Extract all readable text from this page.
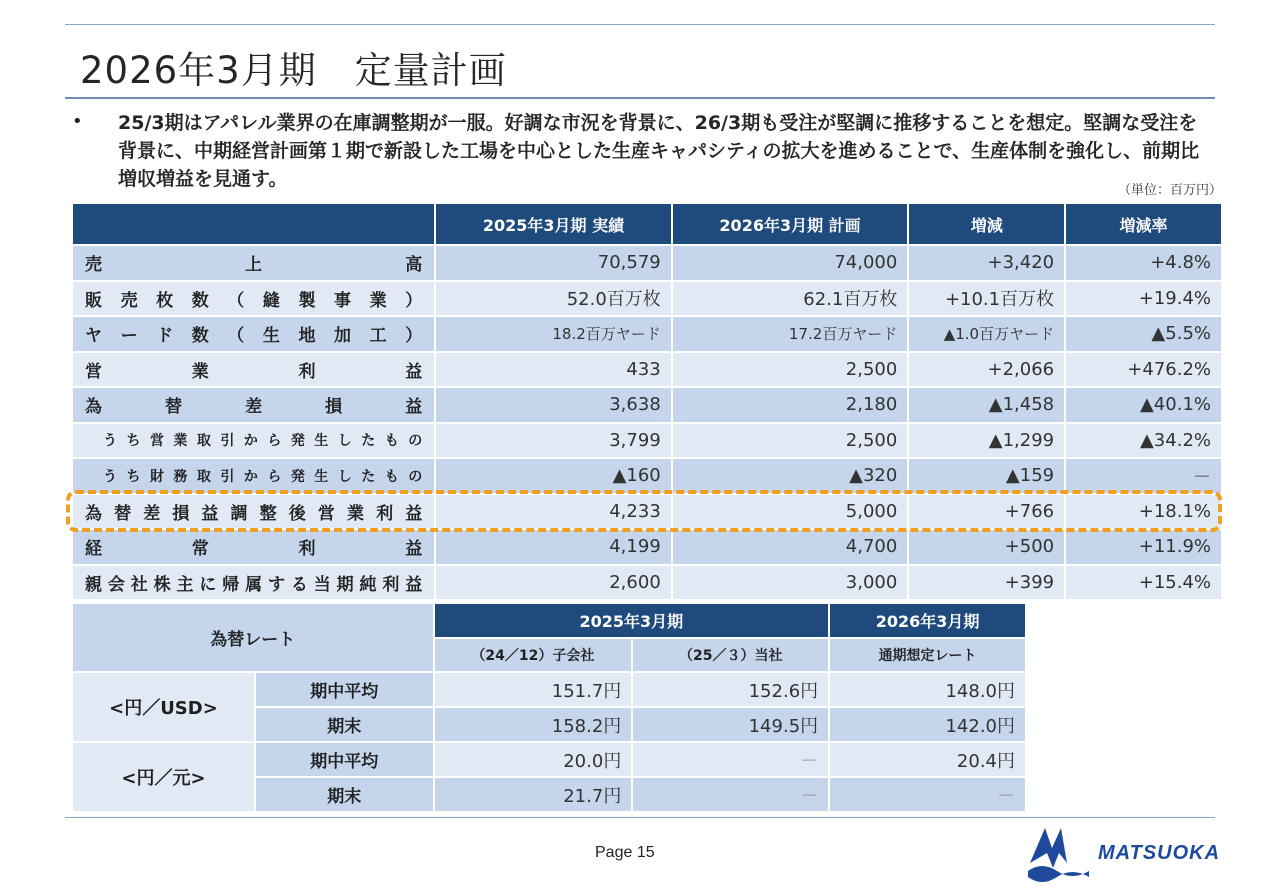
2026年3月期　定量計画
• 25/3期はアパレル業界の在庫調整期が一服。好調な市況を背景に、26/3期も受注が堅調に推移することを想定。堅調な受注を背景に、中期経営計画第１期で新設した工場を中心とした生産キャパシティの拡大を進めることで、生産体制を強化し、前期比増収増益を見通す。

（単位：百万円）
	2025年3月期 実績	2026年3月期 計画	増減	増減率
売上高	70,579	74,000	+3,420	+4.8%
販売枚数（縫製事業）	52.0百万枚	62.1百万枚	+10.1百万枚	+19.4%
ヤード数（生地加工）	18.2百万ヤード	17.2百万ヤード	▲1.0百万ヤード	▲5.5%
営業利益	433	2,500	+2,066	+476.2%
為替差損益	3,638	2,180	▲1,458	▲40.1%
うち営業取引から発生したもの	3,799	2,500	▲1,299	▲34.2%
うち財務取引から発生したもの	▲160	▲320	▲159	－
為替差損益調整後営業利益	4,233	5,000	+766	+18.1%
経常利益	4,199	4,700	+500	+11.9%
親会社株主に帰属する当期純利益	2,600	3,000	+399	+15.4%
為替レート		2025年3月期		2026年3月期
		（24／12）子会社	（25／３）当社	通期想定レート
<円／USD>	期中平均	151.7円	152.6円	148.0円
	期末	158.2円	149.5円	142.0円
<円／元>	期中平均	20.0円	－	20.4円
	期末	21.7円	－	－
Page 15	MATSUOKA
